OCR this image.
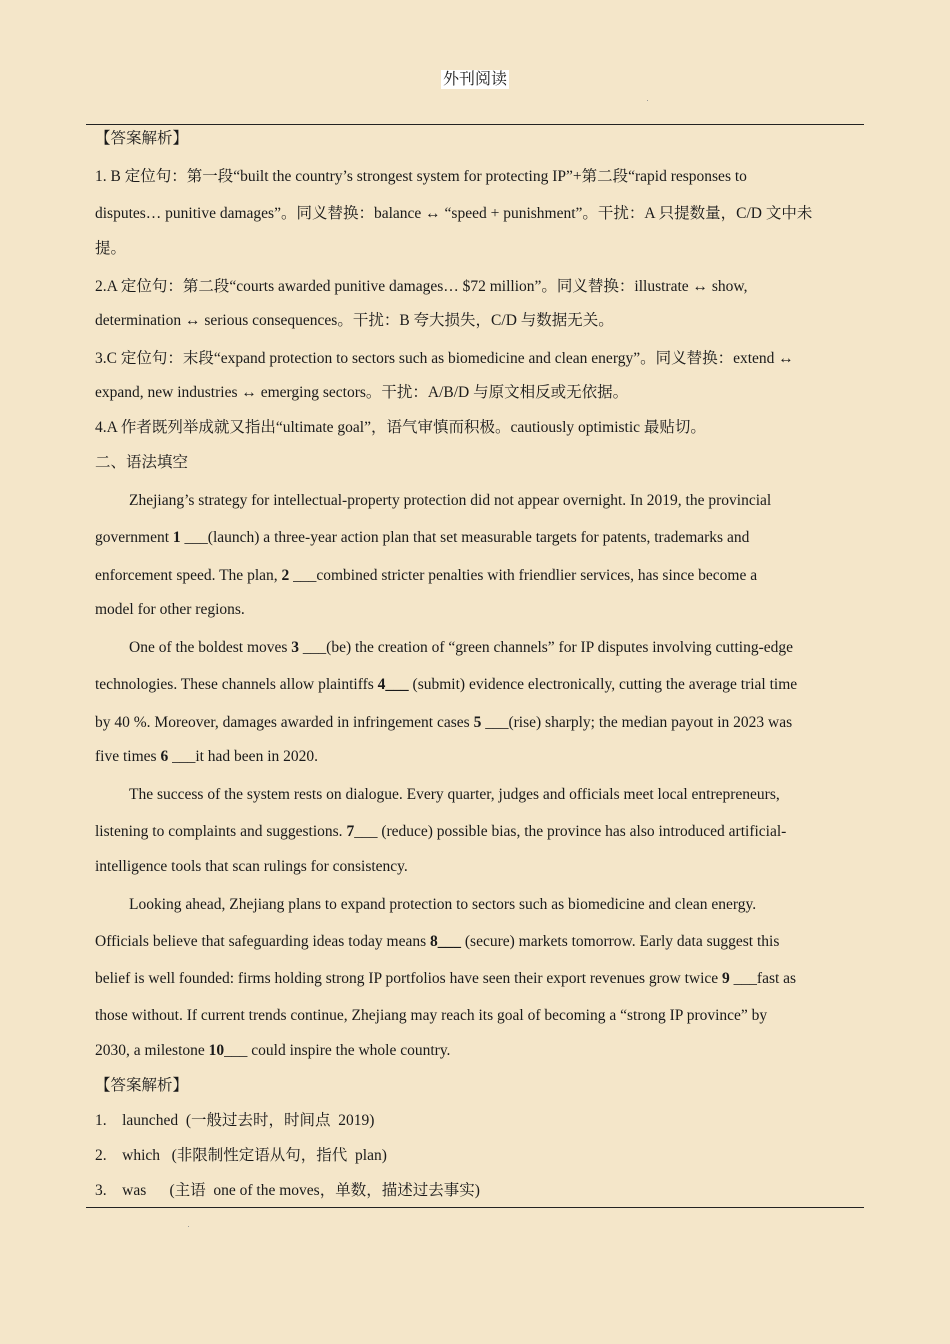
外刊阅读
【答案解析】
1. B 定位句：第一段“built the country’s strongest system for protecting IP”+第二段“rapid responses to
disputes… punitive damages”。同义替换：balance ↔ “speed + punishment”。干扰：A 只提数量，C/D 文中未
提。
2.A 定位句：第二段“courts awarded punitive damages… $72 million”。同义替换：illustrate ↔ show,
determination ↔ serious consequences。干扰：B 夸大损失，C/D 与数据无关。
3.C 定位句：末段“expand protection to sectors such as biomedicine and clean energy”。同义替换：extend ↔
expand, new industries ↔ emerging sectors。干扰：A/B/D 与原文相反或无依据。
4.A 作者既列举成就又指出“ultimate goal”，语气审慎而积极。cautiously optimistic 最贴切。
二、语法填空
Zhejiang’s strategy for intellectual-property protection did not appear overnight. In 2019, the provincial
government 1 ___(launch) a three-year action plan that set measurable targets for patents, trademarks and
enforcement speed. The plan, 2 ___combined stricter penalties with friendlier services, has since become a
model for other regions.
One of the boldest moves 3 ___(be) the creation of “green channels” for IP disputes involving cutting-edge
technologies. These channels allow plaintiffs 4___ (submit) evidence electronically, cutting the average trial time
by 40 %. Moreover, damages awarded in infringement cases 5 ___(rise) sharply; the median payout in 2023 was
five times 6 ___it had been in 2020.
The success of the system rests on dialogue. Every quarter, judges and officials meet local entrepreneurs,
listening to complaints and suggestions. 7___ (reduce) possible bias, the province has also introduced artificial-
intelligence tools that scan rulings for consistency.
Looking ahead, Zhejiang plans to expand protection to sectors such as biomedicine and clean energy.
Officials believe that safeguarding ideas today means 8___ (secure) markets tomorrow. Early data suggest this
belief is well founded: firms holding strong IP portfolios have seen their export revenues grow twice 9 ___fast as
those without. If current trends continue, Zhejiang may reach its goal of becoming a “strong IP province” by
2030, a milestone 10___ could inspire the whole country.
【答案解析】
1. launched (一般过去时，时间点  2019)
2. which   (非限制性定语从句，指代  plan)
3. was      (主语  one of the moves，单数，描述过去事实)
